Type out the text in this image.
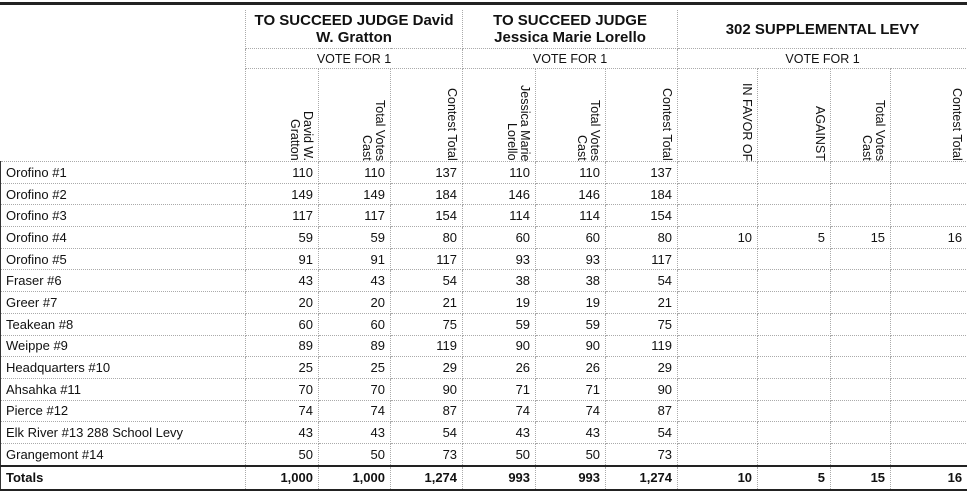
	TO SUCCEED JUDGE David W. Gratton			TO SUCCEED JUDGE Jessica Marie Lorello			302 SUPPLEMENTAL LEVY			
	VOTE FOR 1			VOTE FOR 1			VOTE FOR 1			

	David W. Gratton	Total Votes Cast	Contest Total	Jessica Marie Lorello	Total Votes Cast	Contest Total	IN FAVOR OF	AGAINST	Total Votes Cast	Contest Total

Orofino #1	110	110	137	110	110	137				
Orofino #2	149	149	184	146	146	184				
Orofino #3	117	117	154	114	114	154				
Orofino #4	59	59	80	60	60	80	10	5	15	16
Orofino #5	91	91	117	93	93	117				
Fraser #6	43	43	54	38	38	54				
Greer #7	20	20	21	19	19	21				
Teakean #8	60	60	75	59	59	75				
Weippe #9	89	89	119	90	90	119				
Headquarters #10	25	25	29	26	26	29				
Ahsahka #11	70	70	90	71	71	90				
Pierce #12	74	74	87	74	74	87				
Elk River #13 288 School Levy	43	43	54	43	43	54				
Grangemont #14	50	50	73	50	50	73				
Totals	1,000	1,000	1,274	993	993	1,274	10	5	15	16
